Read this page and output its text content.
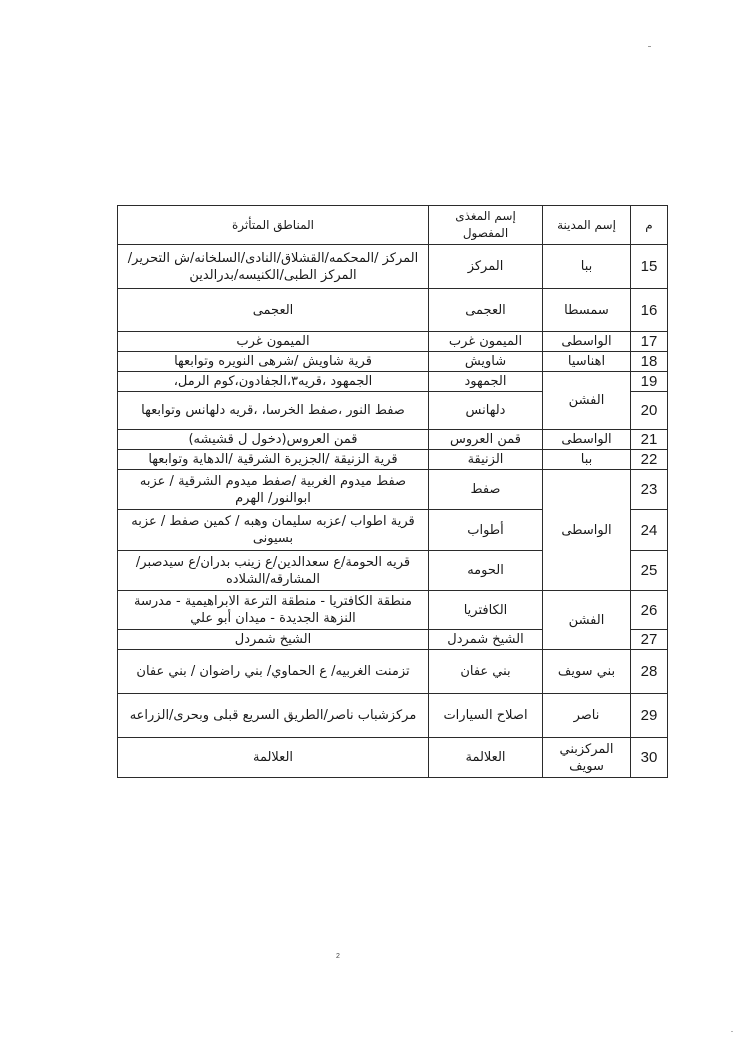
م	إسم المدينة	إسم المغذى المفصول	المناطق المتأثرة
15	ببا	المركز	المركز /المحكمه/القشلاق/النادى/السلخانه/ش التحرير/المركز الطبى/الكنيسه/بدرالدين
16	سمسطا	العجمى	العجمى
17	الواسطى	الميمون غرب	الميمون غرب
18	اهناسيا	شاويش	قرية شاويش /شرهى النويره وتوابعها
19	الفشن	الجمهود	الجمهود ،قريه٣،الجفادون،كوم الرمل،
20		دلهانس	صفط النور ،صفط الخرسا، ،قريه دلهانس وتوابعها
21	الواسطى	قمن العروس	قمن العروس(دخول ل قشيشه)
22	ببا	الزنيقة	قرية الزنيقة /الجزيرة الشرقية /الدهاية وتوابعها
23	الواسطى	صفط	صفط ميدوم الغربية /صفط ميدوم الشرقية / عزبه ابوالنور/ الهرم
24		أطواب	قرية اطواب /عزبه سليمان وهبه / كمين صفط / عزبه بسيونى
25		الحومه	قريه الحومة/ع سعدالدين/ع زينب بدران/ع سيدصبر/المشارقه/الشلاده
26	الفشن	الكافتريا	منطقة الكافتريا - منطقة الترعة الابراهيمية - مدرسة النزهة الجديدة - ميدان أبو علي
27		الشيخ شمردل	الشيخ شمردل
28	بني سويف	بني عفان	تزمنت الغربيه/ ع الحماوي/ بني راضوان / بني عفان
29	ناصر	اصلاح السيارات	مركزشباب ناصر/الطريق السريع قبلى وبحرى/الزراعه
30	المركزبني سويف	العلالمة	العلالمة
2
